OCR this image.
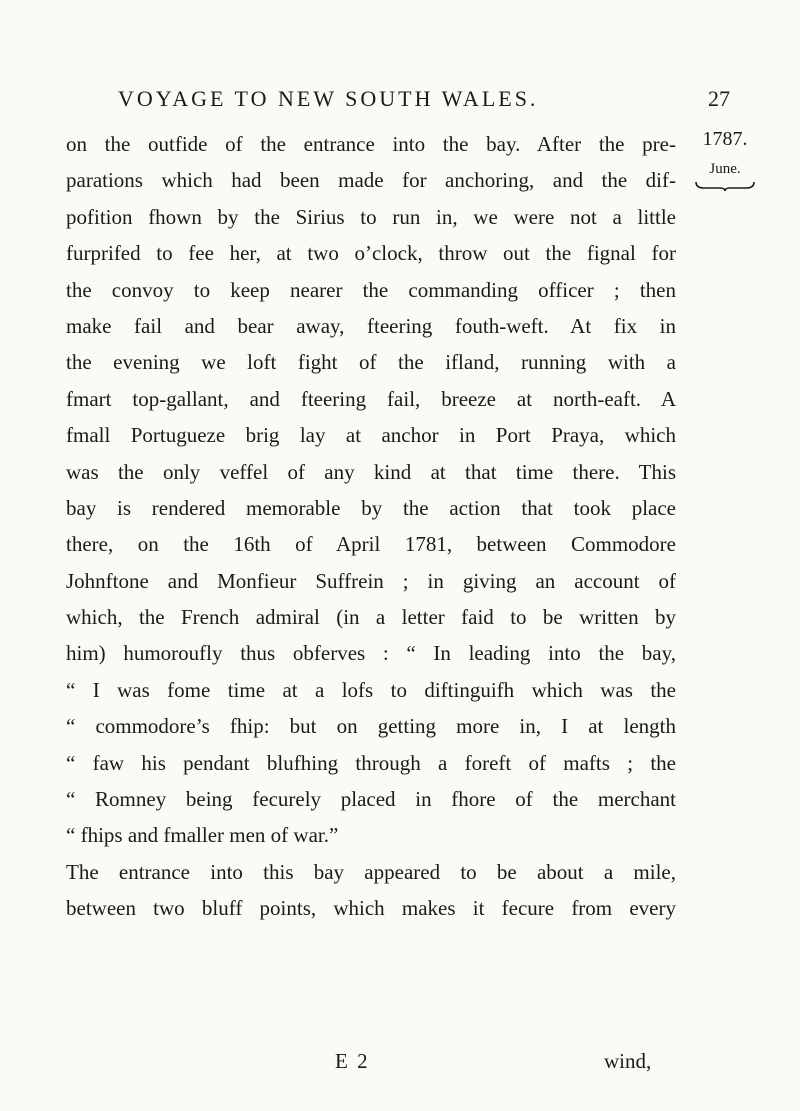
VOYAGE TO NEW SOUTH WALES.	27
1787.
June.
on the outfide of the entrance into the bay. After the pre-
parations which had been made for anchoring, and the dif-
pofition fhown by the Sirius to run in, we were not a little
furprifed to fee her, at two o’clock, throw out the fignal for
the convoy to keep nearer the commanding officer ; then
make fail and bear away, fteering fouth-weft. At fix in
the evening we loft fight of the ifland, running with a
fmart top-gallant, and fteering fail, breeze at north-eaft. A
fmall Portugueze brig lay at anchor in Port Praya, which
was the only veffel of any kind at that time there. This
bay is rendered memorable by the action that took place
there, on the 16th of April 1781, between Commodore
Johnftone and Monfieur Suffrein ; in giving an account of
which, the French admiral (in a letter faid to be written by
him) humoroufly thus obferves : “ In leading into the bay,
“ I was fome time at a lofs to diftinguifh which was the
“ commodore’s fhip: but on getting more in, I at length
“ faw his pendant blufhing through a foreft of mafts ; the
“ Romney being fecurely placed in fhore of the merchant
“ fhips and fmaller men of war.”
The entrance into this bay appeared to be about a mile,
between two bluff points, which makes it fecure from every
E 2	wind,
